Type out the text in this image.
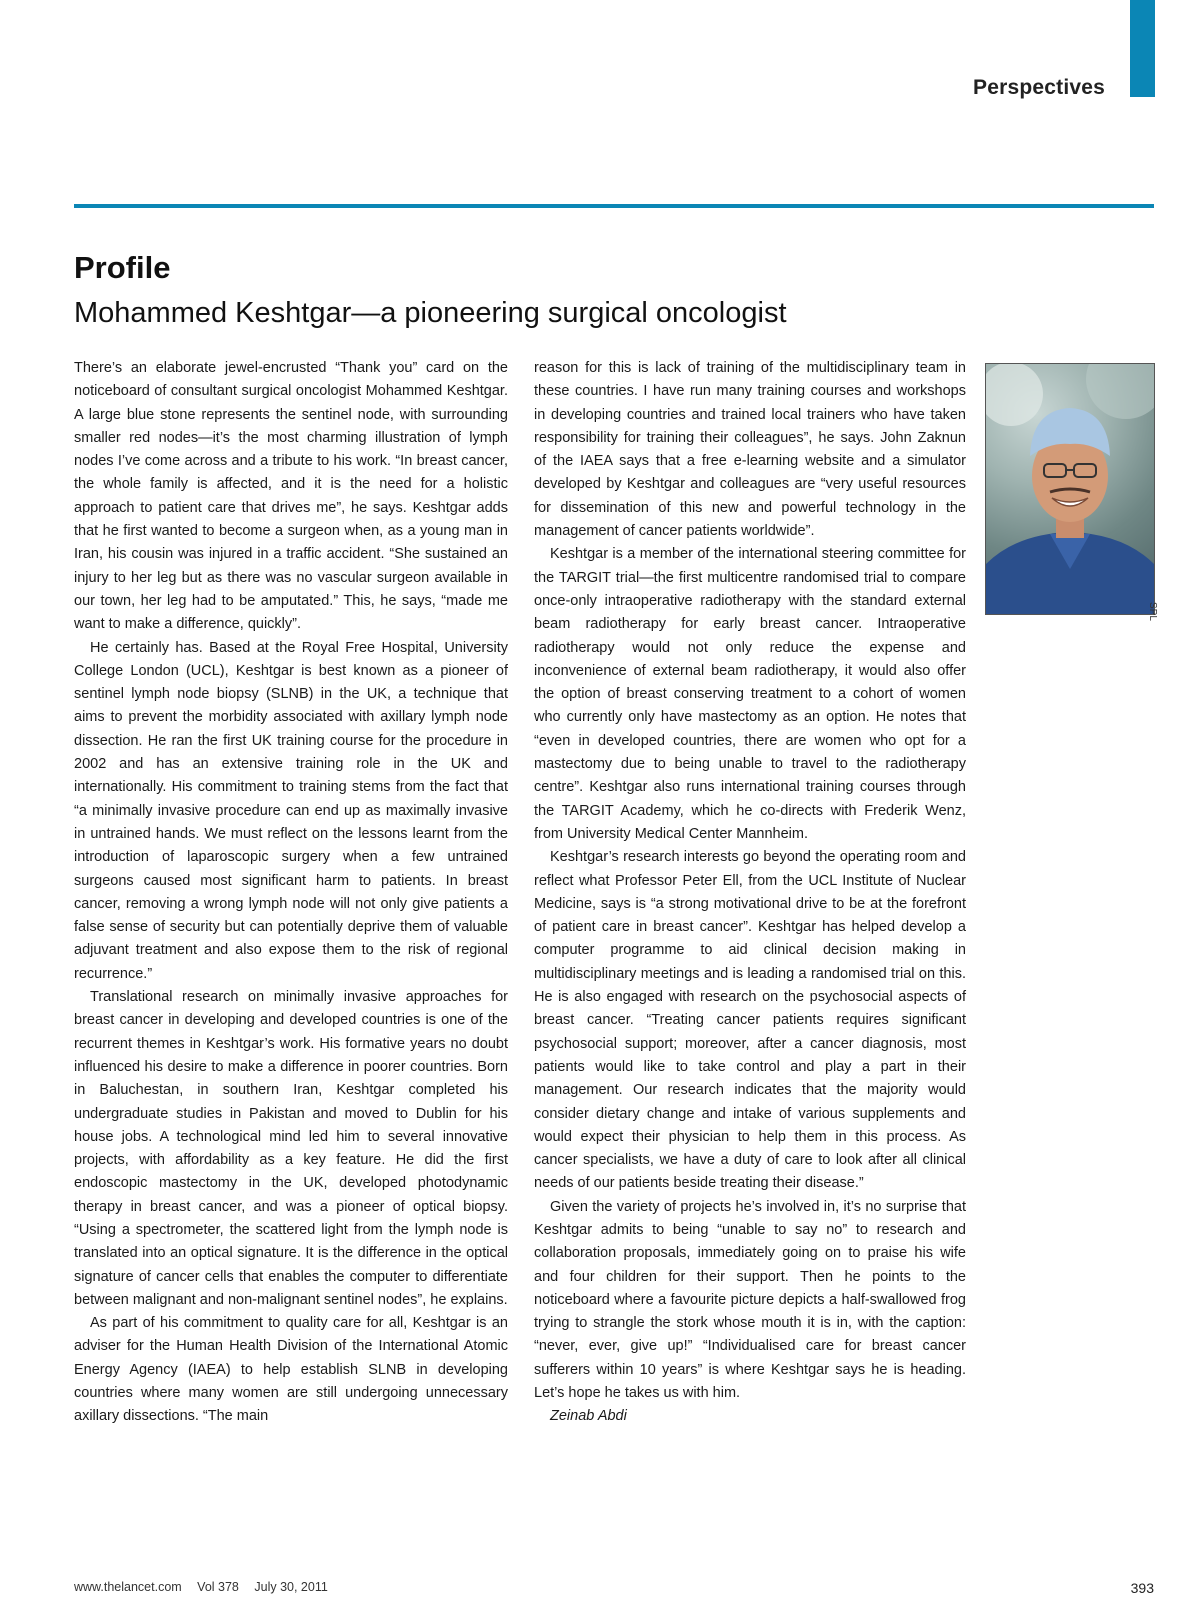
Perspectives
Profile
Mohammed Keshtgar—a pioneering surgical oncologist

There’s an elaborate jewel-encrusted “Thank you” card on the noticeboard of consultant surgical oncologist Mohammed Keshtgar. A large blue stone represents the sentinel node, with surrounding smaller red nodes—it’s the most charming illustration of lymph nodes I’ve come across and a tribute to his work. “In breast cancer, the whole family is affected, and it is the need for a holistic approach to patient care that drives me”, he says. Keshtgar adds that he first wanted to become a surgeon when, as a young man in Iran, his cousin was injured in a traffic accident. “She sustained an injury to her leg but as there was no vascular surgeon available in our town, her leg had to be amputated.” This, he says, “made me want to make a difference, quickly”.

He certainly has. Based at the Royal Free Hospital, University College London (UCL), Keshtgar is best known as a pioneer of sentinel lymph node biopsy (SLNB) in the UK, a technique that aims to prevent the morbidity associated with axillary lymph node dissection. He ran the first UK training course for the procedure in 2002 and has an extensive training role in the UK and internationally. His commitment to training stems from the fact that “a minimally invasive procedure can end up as maximally invasive in untrained hands. We must reflect on the lessons learnt from the introduction of laparoscopic surgery when a few untrained surgeons caused most significant harm to patients. In breast cancer, removing a wrong lymph node will not only give patients a false sense of security but can potentially deprive them of valuable adjuvant treatment and also expose them to the risk of regional recurrence.”

Translational research on minimally invasive approaches for breast cancer in developing and developed countries is one of the recurrent themes in Keshtgar’s work. His formative years no doubt influenced his desire to make a difference in poorer countries. Born in Baluchestan, in southern Iran, Keshtgar completed his undergraduate studies in Pakistan and moved to Dublin for his house jobs. A technological mind led him to several innovative projects, with affordability as a key feature. He did the first endoscopic mastectomy in the UK, developed photodynamic therapy in breast cancer, and was a pioneer of optical biopsy. “Using a spectrometer, the scattered light from the lymph node is translated into an optical signature. It is the difference in the optical signature of cancer cells that enables the computer to differentiate between malignant and non-malignant sentinel nodes”, he explains.

As part of his commitment to quality care for all, Keshtgar is an adviser for the Human Health Division of the International Atomic Energy Agency (IAEA) to help establish SLNB in developing countries where many women are still undergoing unnecessary axillary dissections. “The main

reason for this is lack of training of the multidisciplinary team in these countries. I have run many training courses and workshops in developing countries and trained local trainers who have taken responsibility for training their colleagues”, he says. John Zaknun of the IAEA says that a free e-learning website and a simulator developed by Keshtgar and colleagues are “very useful resources for dissemination of this new and powerful technology in the management of cancer patients worldwide”.

Keshtgar is a member of the international steering committee for the TARGIT trial—the first multicentre randomised trial to compare once-only intraoperative radiotherapy with the standard external beam radiotherapy for early breast cancer. Intraoperative radiotherapy would not only reduce the expense and inconvenience of external beam radiotherapy, it would also offer the option of breast conserving treatment to a cohort of women who currently only have mastectomy as an option. He notes that “even in developed countries, there are women who opt for a mastectomy due to being unable to travel to the radiotherapy centre”. Keshtgar also runs international training courses through the TARGIT Academy, which he co-directs with Frederik Wenz, from University Medical Center Mannheim.

Keshtgar’s research interests go beyond the operating room and reflect what Professor Peter Ell, from the UCL Institute of Nuclear Medicine, says is “a strong motivational drive to be at the forefront of patient care in breast cancer”. Keshtgar has helped develop a computer programme to aid clinical decision making in multidisciplinary meetings and is leading a randomised trial on this. He is also engaged with research on the psychosocial aspects of breast cancer. “Treating cancer patients requires significant psychosocial support; moreover, after a cancer diagnosis, most patients would like to take control and play a part in their management. Our research indicates that the majority would consider dietary change and intake of various supplements and would expect their physician to help them in this process. As cancer specialists, we have a duty of care to look after all clinical needs of our patients beside treating their disease.”

Given the variety of projects he’s involved in, it’s no surprise that Keshtgar admits to being “unable to say no” to research and collaboration proposals, immediately going on to praise his wife and four children for their support. Then he points to the noticeboard where a favourite picture depicts a half-swallowed frog trying to strangle the stork whose mouth it is in, with the caption: “never, ever, give up!” “Individualised care for breast cancer sufferers within 10 years” is where Keshtgar says he is heading. Let’s hope he takes us with him.

Zeinab Abdi

SPL
www.thelancet.com Vol 378 July 30, 2011	393
